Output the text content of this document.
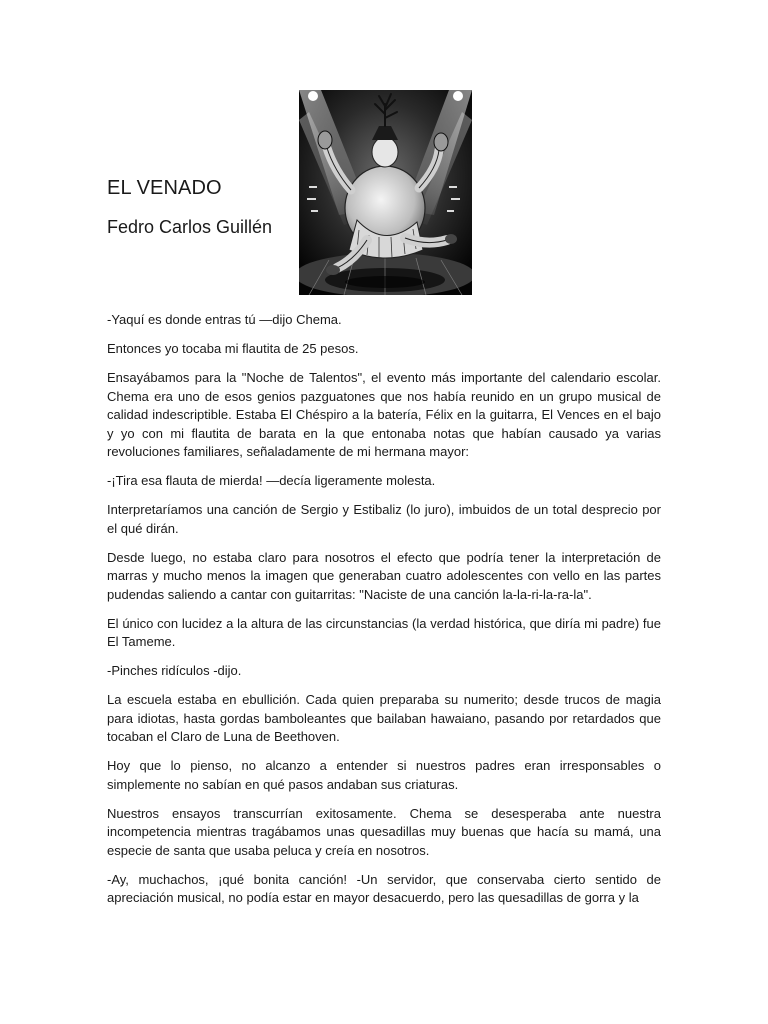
EL VENADO
Fedro Carlos Guillén

-Yaquí es donde entras tú —dijo Chema.

Entonces yo tocaba mi flautita de 25 pesos.

Ensayábamos para la "Noche de Talentos", el evento más importante del calendario escolar. Chema era uno de esos genios pazguatones que nos había reunido en un grupo musical de calidad indescriptible. Estaba El Chéspiro a la batería, Félix en la guitarra, El Vences en el bajo y yo con mi flautita de barata en la que entonaba notas que habían causado ya varias revoluciones familiares, señaladamente de mi hermana mayor:

-¡Tira esa flauta de mierda! —decía ligeramente molesta.

Interpretaríamos una canción de Sergio y Estibaliz (lo juro), imbuidos de un total desprecio por el qué dirán.

Desde luego, no estaba claro para nosotros el efecto que podría tener la interpretación de marras y mucho menos la imagen que generaban cuatro adolescentes con vello en las partes pudendas saliendo a cantar con guitarritas: "Naciste de una canción la-la-ri-la-ra-la".

El único con lucidez a la altura de las circunstancias (la verdad histórica, que diría mi padre) fue El Tameme.

-Pinches ridículos -dijo.

La escuela estaba en ebullición. Cada quien preparaba su numerito; desde trucos de magia para idiotas, hasta gordas bamboleantes que bailaban hawaiano, pasando por retardados que tocaban el Claro de Luna de Beethoven.

Hoy que lo pienso, no alcanzo a entender si nuestros padres eran irresponsables o simplemente no sabían en qué pasos andaban sus criaturas.

Nuestros ensayos transcurrían exitosamente. Chema se desesperaba ante nuestra incompetencia mientras tragábamos unas quesadillas muy buenas que hacía su mamá, una especie de santa que usaba peluca y creía en nosotros.

-Ay, muchachos, ¡qué bonita canción! -Un servidor, que conservaba cierto sentido de apreciación musical, no podía estar en mayor desacuerdo, pero las quesadillas de gorra y la
